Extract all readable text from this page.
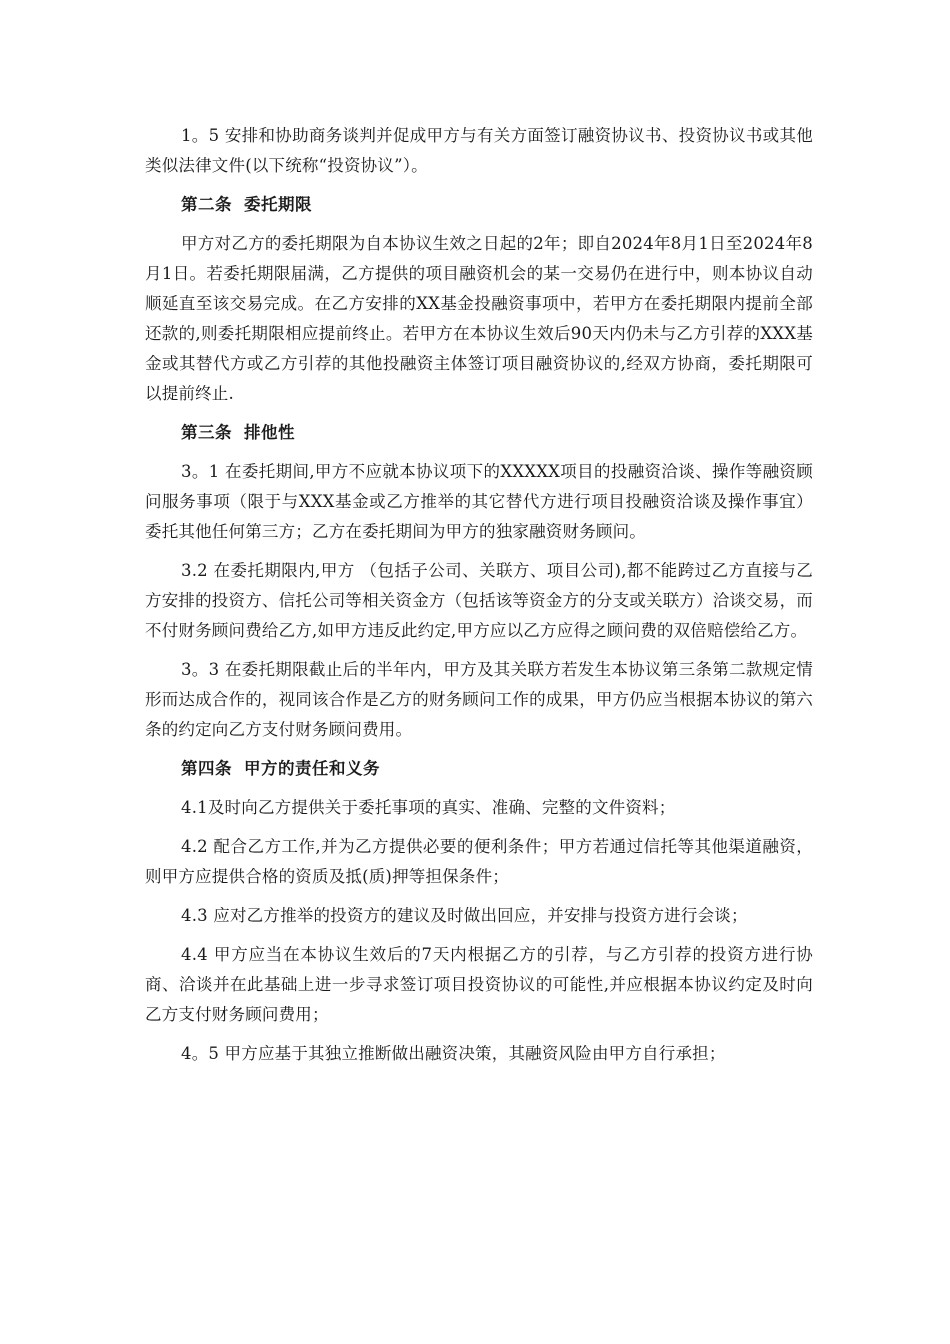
1。5 安排和协助商务谈判并促成甲方与有关方面签订融资协议书、投资协议书或其他类似法律文件(以下统称“投资协议”）。

第二条 委托期限

甲方对乙方的委托期限为自本协议生效之日起的2年；即自2024年8月1日至2024年8月1日。若委托期限届满，乙方提供的项目融资机会的某一交易仍在进行中，则本协议自动顺延直至该交易完成。在乙方安排的XX基金投融资事项中，若甲方在委托期限内提前全部还款的,则委托期限相应提前终止。若甲方在本协议生效后90天内仍未与乙方引荐的XXX基金或其替代方或乙方引荐的其他投融资主体签订项目融资协议的,经双方协商，委托期限可以提前终止.

第三条 排他性

3。1 在委托期间,甲方不应就本协议项下的XXXXX项目的投融资洽谈、操作等融资顾问服务事项（限于与XXX基金或乙方推举的其它替代方进行项目投融资洽谈及操作事宜）委托其他任何第三方；乙方在委托期间为甲方的独家融资财务顾问。

3.2 在委托期限内,甲方 （包括子公司、关联方、项目公司),都不能跨过乙方直接与乙方安排的投资方、信托公司等相关资金方（包括该等资金方的分支或关联方）洽谈交易，而不付财务顾问费给乙方,如甲方违反此约定,甲方应以乙方应得之顾问费的双倍赔偿给乙方。

3。3 在委托期限截止后的半年内，甲方及其关联方若发生本协议第三条第二款规定情形而达成合作的，视同该合作是乙方的财务顾问工作的成果，甲方仍应当根据本协议的第六条的约定向乙方支付财务顾问费用。

第四条 甲方的责任和义务

4.1及时向乙方提供关于委托事项的真实、准确、完整的文件资料；

4.2 配合乙方工作,并为乙方提供必要的便利条件；甲方若通过信托等其他渠道融资，则甲方应提供合格的资质及抵(质)押等担保条件；

4.3 应对乙方推举的投资方的建议及时做出回应，并安排与投资方进行会谈；

4.4 甲方应当在本协议生效后的7天内根据乙方的引荐，与乙方引荐的投资方进行协商、洽谈并在此基础上进一步寻求签订项目投资协议的可能性,并应根据本协议约定及时向乙方支付财务顾问费用；

4。5 甲方应基于其独立推断做出融资决策，其融资风险由甲方自行承担；
